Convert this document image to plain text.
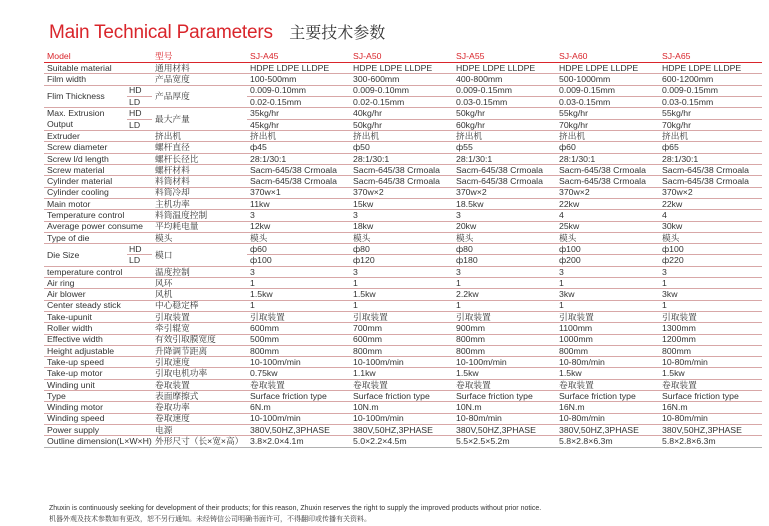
Main Technical Parameters 主要技术参数
Model		型号	SJ-A45	SJ-A50	SJ-A55	SJ-A60	SJ-A65
Suitable material		通用材料	HDPE LDPE LLDPE	HDPE LDPE LLDPE	HDPE LDPE LLDPE	HDPE LDPE LLDPE	HDPE LDPE LLDPE
Film width		产品宽度	100-500mm	300-600mm	400-800mm	500-1000mm	600-1200mm
Flim Thickness	HD	产品厚度	0.009-0.10mm	0.009-0.10mm	0.009-0.15mm	0.009-0.15mm	0.009-0.15mm
	LD		0.02-0.15mm	0.02-0.15mm	0.03-0.15mm	0.03-0.15mm	0.03-0.15mm

Max. Extrusion
Output	HD	最大产量	35kg/hr	40kg/hr	50kg/hr	55kg/hr	55kg/hr
	LD		45kg/hr	50kg/hr	60kg/hr	70kg/hr	70kg/hr
Extruder		挤出机	挤出机	挤出机	挤出机	挤出机	挤出机
Screw diameter		螺杆直径	ф45	ф50	ф55	ф60	ф65
Screw l/d length		螺杆长径比	28:1/30:1	28:1/30:1	28:1/30:1	28:1/30:1	28:1/30:1
Screw material		螺杆材料	Sacm-645/38 Crmoala	Sacm-645/38 Crmoala	Sacm-645/38 Crmoala	Sacm-645/38 Crmoala	Sacm-645/38 Crmoala
Cylinder material		料筒材料	Sacm-645/38 Crmoala	Sacm-645/38 Crmoala	Sacm-645/38 Crmoala	Sacm-645/38 Crmoala	Sacm-645/38 Crmoala
Cylinder cooling		料筒冷却	370w×1	370w×2	370w×2	370w×2	370w×2
Main motor		主机功率	11kw	15kw	18.5kw	22kw	22kw
Temperature control		料筒温度控制	3	3	3	4	4
Average power consume		平均耗电量	12kw	18kw	20kw	25kw	30kw
Type of die		模头	模头	模头	模头	模头	模头
Die Size	HD	模口	ф60	ф80	ф80	ф100	ф100
	LD		ф100	ф120	ф180	ф200	ф220
temperature control		温度控制	3	3	3	3	3
Air ring		风环	1	1	1	1	1
Air blower		风机	1.5kw	1.5kw	2.2kw	3kw	3kw
Center steady stick		中心稳定棒	1	1	1	1	1
Take-upunit		引取装置	引取装置	引取装置	引取装置	引取装置	引取装置
Roller width		牵引辊宽	600mm	700mm	900mm	1100mm	1300mm
Effective width		有效引取膜宽度	500mm	600mm	800mm	1000mm	1200mm
Height adjustable		升降调节距离	800mm	800mm	800mm	800mm	800mm
Take-up speed		引取速度	10-100m/min	10-100m/min	10-100m/min	10-80m/min	10-80m/min
Take-up motor		引取电机功率	0.75kw	1.1kw	1.5kw	1.5kw	1.5kw
Winding unit		卷取装置	卷取装置	卷取装置	卷取装置	卷取装置	卷取装置
Type		表面摩擦式	Surface friction type	Surface friction type	Surface friction type	Surface friction type	Surface friction type
Winding motor		卷取功率	6N.m	10N.m	10N.m	16N.m	16N.m
Winding speed		卷取速度	10-100m/min	10-100m/min	10-80m/min	10-80m/min	10-80m/min
Power supply		电源	380V,50HZ,3PHASE	380V,50HZ,3PHASE	380V,50HZ,3PHASE	380V,50HZ,3PHASE	380V,50HZ,3PHASE
Outline dimension(L×W×H)		外形尺寸（长×宽×高）	3.8×2.0×4.1m	5.0×2.2×4.5m	5.5×2.5×5.2m	5.8×2.8×6.3m	5.8×2.8×6.3m
Zhuxin is continuously seeking for development of their products; for this reason, Zhuxin reserves the right to supply the improved products without prior notice.
机器外观及技术参数如有更改，恕不另行通知。未经铸信公司明确书面许可，不得翻印或传播有关资料。
